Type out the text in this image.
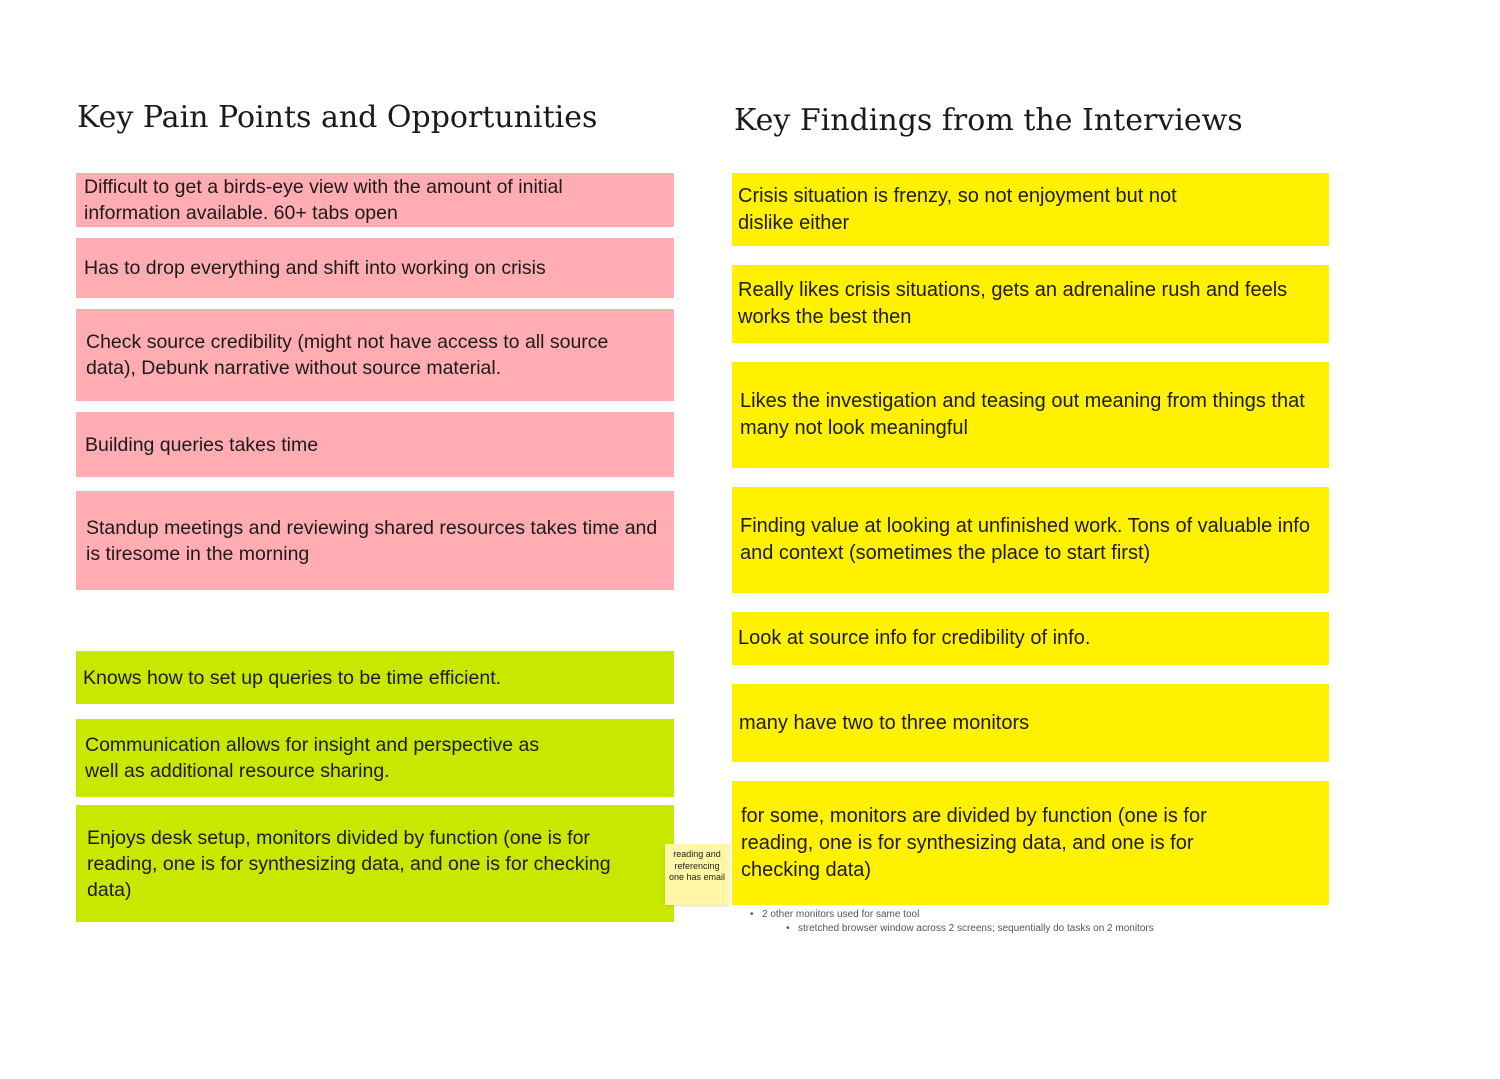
Key Pain Points and Opportunities	Key Findings from the Interviews
Difficult to get a birds-eye view with the amount of initial information available. 60+ tabs open
Has to drop everything and shift into working on crisis
Check source credibility (might not have access to all source data), Debunk narrative without source material.
Building queries takes time
Standup meetings and reviewing shared resources takes time and is tiresome in the morning
Knows how to set up queries to be time efficient.
Communication allows for insight and perspective as well as additional resource sharing.
Enjoys desk setup, monitors divided by function (one is for reading, one is for synthesizing data, and one is for checking data)
reading and referencing one has email
Crisis situation is frenzy, so not enjoyment but not dislike either
Really likes crisis situations, gets an adrenaline rush and feels works the best then
Likes the investigation and teasing out meaning from things that many not look meaningful
Finding value at looking at unfinished work. Tons of valuable info and context (sometimes the place to start first)
Look at source info for credibility of info.
many have two to three monitors
for some, monitors are divided by function (one is for reading, one is for synthesizing data, and one is for checking data)
• 2 other monitors used for same tool
• stretched browser window across 2 screens; sequentially do tasks on 2 monitors
